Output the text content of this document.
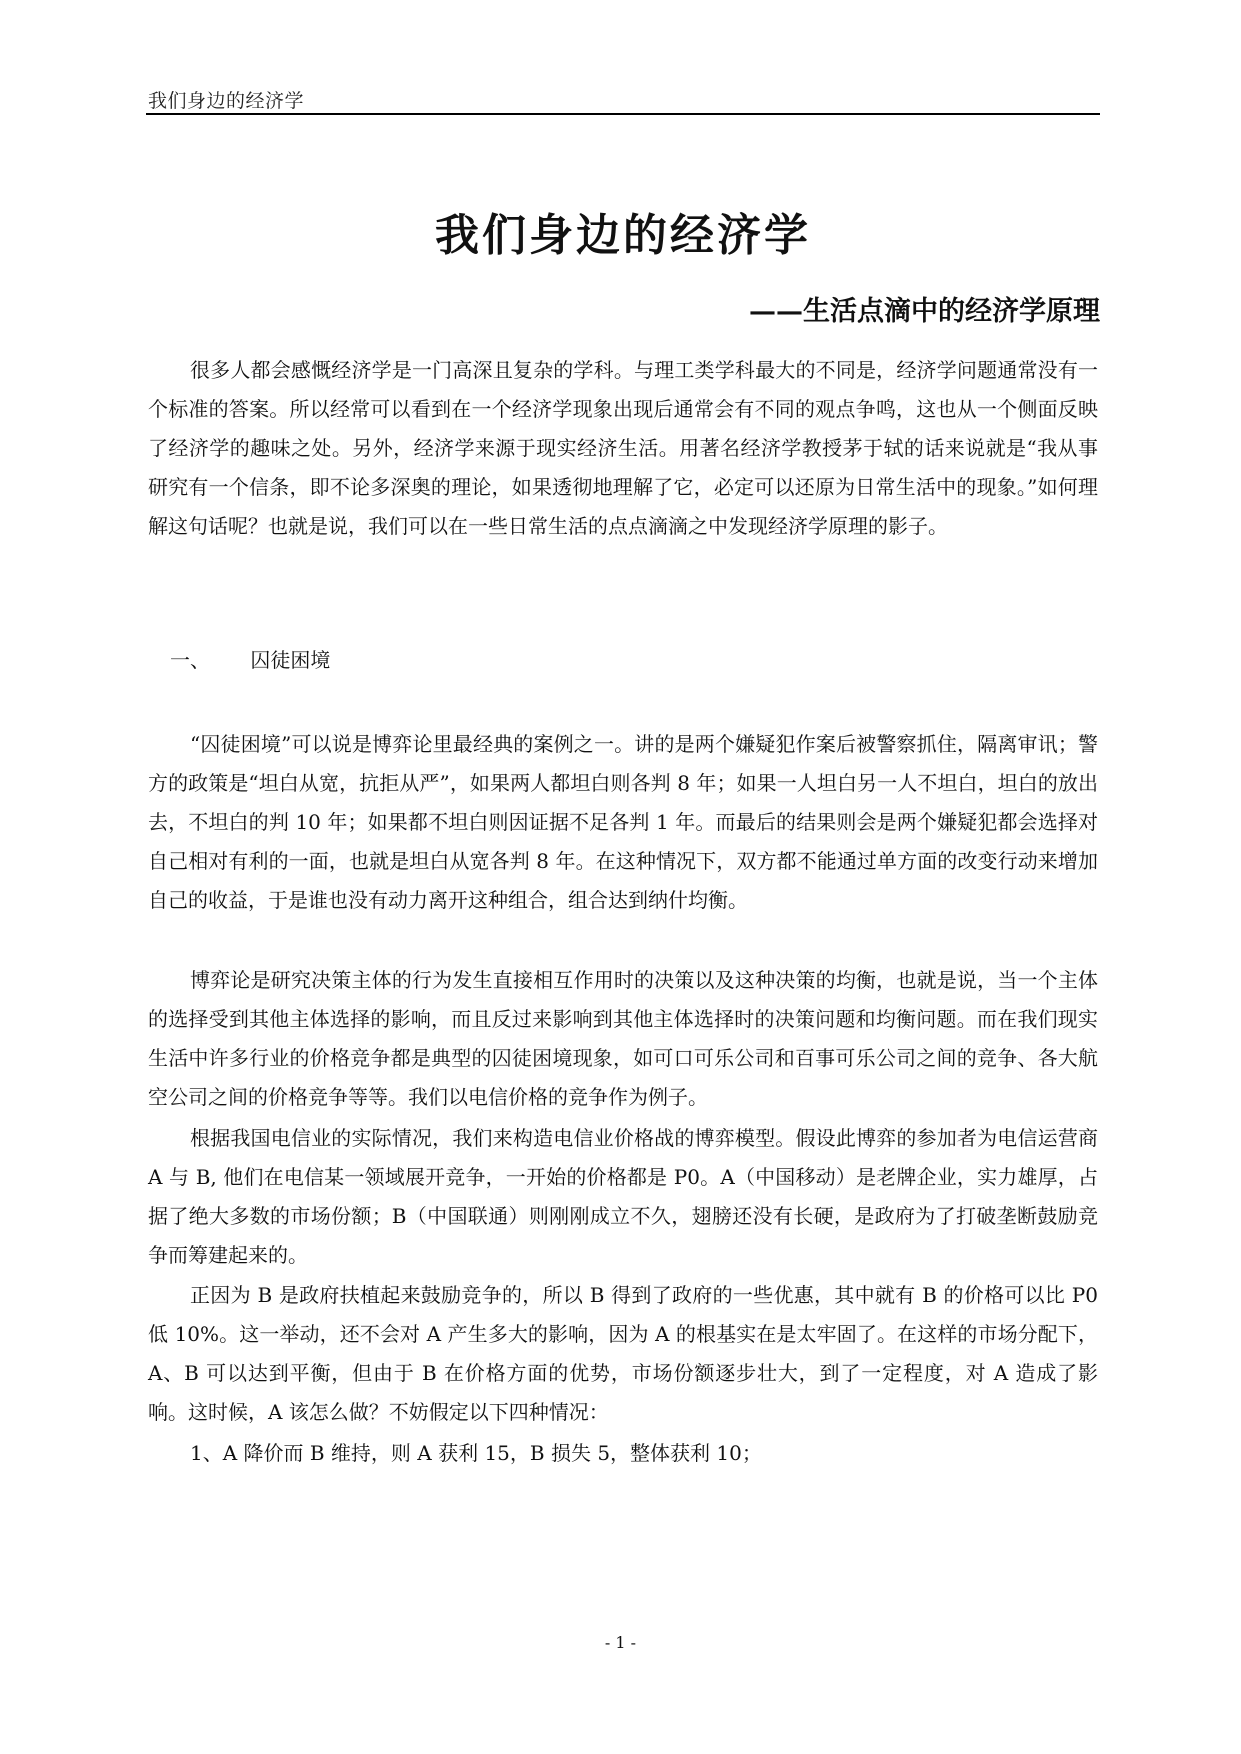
我们身边的经济学
我们身边的经济学
——生活点滴中的经济学原理

很多人都会感慨经济学是一门高深且复杂的学科。与理工类学科最大的不同是，经济学问题通常没有一个标准的答案。所以经常可以看到在一个经济学现象出现后通常会有不同的观点争鸣，这也从一个侧面反映了经济学的趣味之处。另外，经济学来源于现实经济生活。用著名经济学教授茅于轼的话来说就是“我从事研究有一个信条，即不论多深奥的理论，如果透彻地理解了它，必定可以还原为日常生活中的现象。”如何理解这句话呢？也就是说，我们可以在一些日常生活的点点滴滴之中发现经济学原理的影子。

一、 囚徒困境

“囚徒困境”可以说是博弈论里最经典的案例之一。讲的是两个嫌疑犯作案后被警察抓住，隔离审讯；警方的政策是“坦白从宽，抗拒从严”，如果两人都坦白则各判 8 年；如果一人坦白另一人不坦白，坦白的放出去，不坦白的判 10 年；如果都不坦白则因证据不足各判 1 年。而最后的结果则会是两个嫌疑犯都会选择对自己相对有利的一面，也就是坦白从宽各判 8 年。在这种情况下，双方都不能通过单方面的改变行动来增加自己的收益，于是谁也没有动力离开这种组合，组合达到纳什均衡。

博弈论是研究决策主体的行为发生直接相互作用时的决策以及这种决策的均衡，也就是说，当一个主体的选择受到其他主体选择的影响，而且反过来影响到其他主体选择时的决策问题和均衡问题。而在我们现实生活中许多行业的价格竞争都是典型的囚徒困境现象，如可口可乐公司和百事可乐公司之间的竞争、各大航空公司之间的价格竞争等等。我们以电信价格的竞争作为例子。

根据我国电信业的实际情况，我们来构造电信业价格战的博弈模型。假设此博弈的参加者为电信运营商 A 与 B, 他们在电信某一领域展开竞争，一开始的价格都是 P0。A（中国移动）是老牌企业，实力雄厚，占据了绝大多数的市场份额；B（中国联通）则刚刚成立不久，翅膀还没有长硬，是政府为了打破垄断鼓励竞争而筹建起来的。

正因为 B 是政府扶植起来鼓励竞争的，所以 B 得到了政府的一些优惠，其中就有 B 的价格可以比 P0 低 10%。这一举动，还不会对 A 产生多大的影响，因为 A 的根基实在是太牢固了。在这样的市场分配下，A、B 可以达到平衡，但由于 B 在价格方面的优势，市场份额逐步壮大，到了一定程度，对 A 造成了影响。这时候，A 该怎么做？不妨假定以下四种情况：

1、A 降价而 B 维持，则 A 获利 15，B 损失 5，整体获利 10；

- 1 -
